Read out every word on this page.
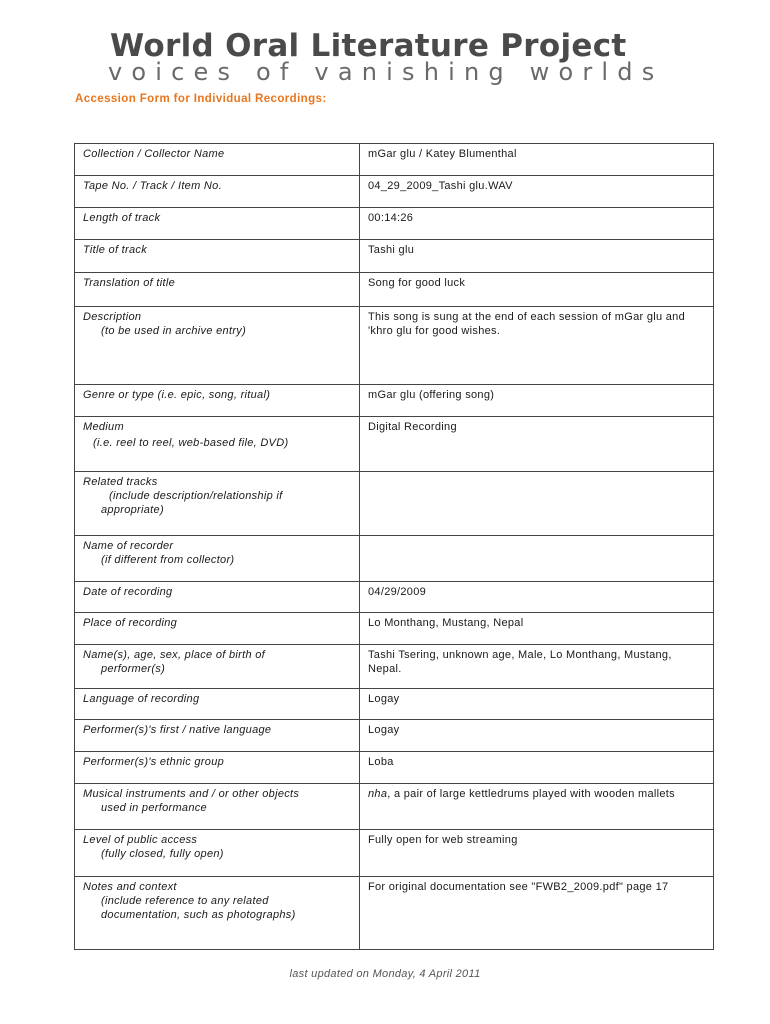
World Oral Literature Project
voices of vanishing worlds
Accession Form for Individual Recordings:
Collection / Collector Name	mGar glu / Katey Blumenthal
Tape No. / Track / Item No.	04_29_2009_Tashi glu.WAV
Length of track	00:14:26
Title of track	Tashi glu
Translation of title	Song for good luck
Description
(to be used in archive entry)	This song is sung at the end of each session of mGar glu and 'khro glu for good wishes.
Genre or type (i.e. epic, song, ritual)	mGar glu (offering song)
Medium
(i.e. reel to reel, web-based file, DVD)	Digital Recording
Related tracks
(include description/relationship if
appropriate)	

Name of recorder
(if different from collector)	

Date of recording	04/29/2009
Place of recording	Lo Monthang, Mustang, Nepal
Name(s), age, sex, place of birth of
performer(s)	Tashi Tsering, unknown age, Male, Lo Monthang, Mustang, Nepal.
Language of recording	Logay
Performer(s)'s first / native language	Logay
Performer(s)'s ethnic group	Loba
Musical instruments and / or other objects
used in performance	nha, a pair of large kettledrums played with wooden mallets
Level of public access
(fully closed, fully open)	Fully open for web streaming
Notes and context
(include reference to any related
documentation, such as photographs)	For original documentation see "FWB2_2009.pdf" page 17
last updated on Monday, 4 April 2011
